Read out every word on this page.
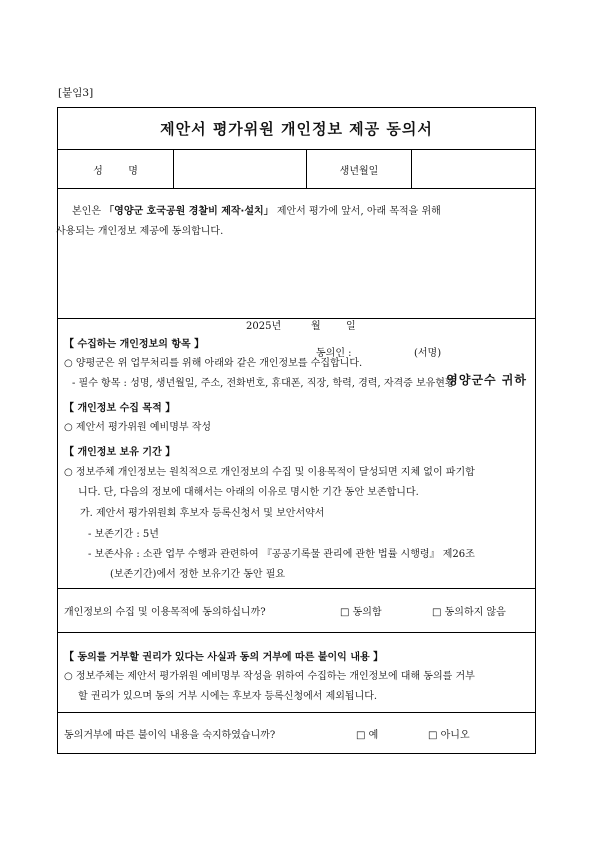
[붙임3]
제안서 평가위원 개인정보 제공 동의서
성        명	생년월일
본인은 「영양군 호국공원 경찰비 제작·설치」 제안서 평가에 앞서, 아래 목적을 위해
사용되는 개인정보 제공에 동의합니다.
2025년	월	일
동의인 :	(서명)
영양군수 귀하
【 수집하는 개인정보의 항목 】
○ 양평군은 위 업무처리를 위해 아래와 같은 개인정보를 수집합니다.
- 필수 항목 : 성명, 생년월일, 주소, 전화번호, 휴대폰, 직장, 학력, 경력, 자격증 보유현황
【 개인정보 수집 목적 】
○ 제안서 평가위원 예비명부 작성
【 개인정보 보유 기간 】
○ 정보주체 개인정보는 원칙적으로 개인정보의 수집 및 이용목적이 달성되면 지체 없이 파기합
니다. 단, 다음의 정보에 대해서는 아래의 이유로 명시한 기간 동안 보존합니다.
가. 제안서 평가위원회 후보자 등록신청서 및 보안서약서
- 보존기간 : 5년
- 보존사유 : 소관 업무 수행과 관련하여 『공공기록물 관리에 관한 법률 시행령』 제26조
(보존기간)에서 정한 보유기간 동안 필요
개인정보의 수집 및 이용목적에 동의하십니까?	□ 동의함	□ 동의하지 않음
【 동의를 거부할 권리가 있다는 사실과 동의 거부에 따른 불이익 내용 】
○ 정보주체는 제안서 평가위원 예비명부 작성을 위하여 수집하는 개인정보에 대해 동의를 거부
할 권리가 있으며 동의 거부 시에는 후보자 등록신청에서 제외됩니다.
동의거부에 따른 불이익 내용을 숙지하였습니까?	□ 예	□ 아니오
